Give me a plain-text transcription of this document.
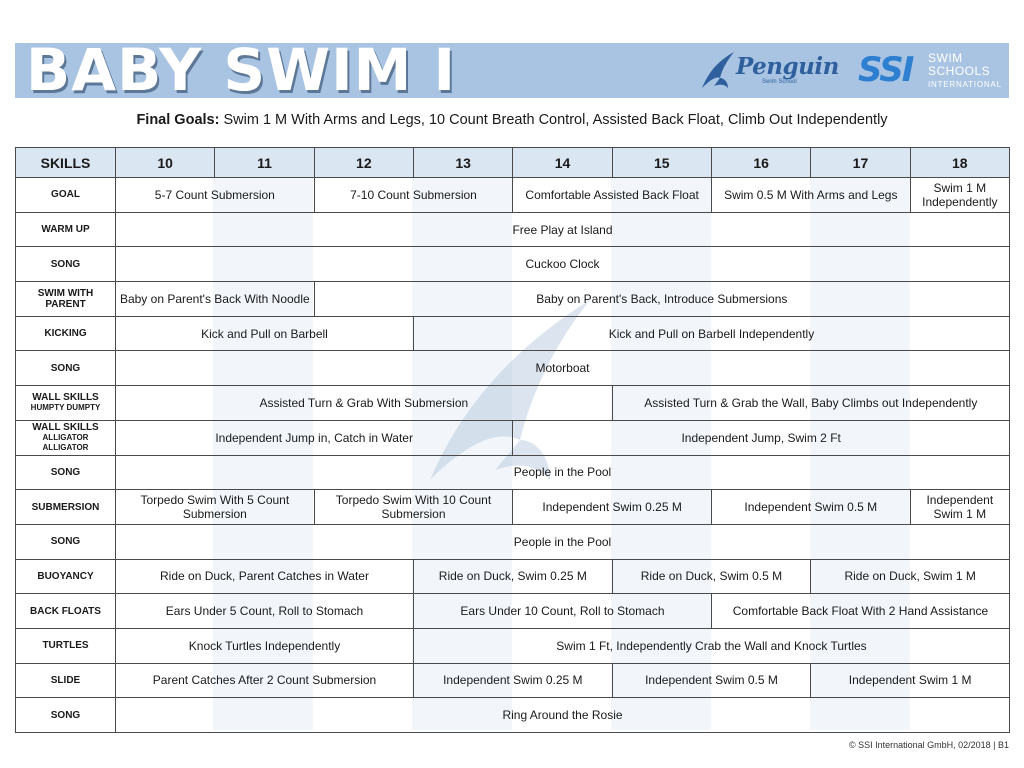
BABY SWIM I	Penguin
Swim School SSI SWIM
SCHOOLS
INTERNATIONAL
Final Goals: Swim 1 M With Arms and Legs, 10 Count Breath Control, Assisted Back Float, Climb Out Independently
SKILLS	10	11	12	13	14	15	16	17	18
GOAL	5-7 Count Submersion		7-10 Count Submersion		Comfortable Assisted Back Float		Swim 0.5 M With Arms and Legs		Swim 1 M Independently
WARM UP	Free Play at Island								
SONG	Cuckoo Clock								
SWIM WITH PARENT	Baby on Parent's Back With Noodle		Baby on Parent's Back, Introduce Submersions						
KICKING	Kick and Pull on Barbell			Kick and Pull on Barbell Independently					
SONG	Motorboat								
WALL SKILLS
HUMPTY DUMPTY	Assisted Turn & Grab With Submersion					Assisted Turn & Grab the Wall, Baby Climbs out Independently			
WALL SKILLS
ALLIGATOR ALLIGATOR	Independent Jump in, Catch in Water				Independent Jump, Swim 2 Ft				
SONG	People in the Pool								
SUBMERSION	Torpedo Swim With 5 Count Submersion		Torpedo Swim With 10 Count Submersion		Independent Swim 0.25 M		Independent Swim 0.5 M		Independent Swim 1 M
SONG	People in the Pool								
BUOYANCY	Ride on Duck, Parent Catches in Water			Ride on Duck, Swim 0.25 M		Ride on Duck, Swim 0.5 M		Ride on Duck, Swim 1 M	
BACK FLOATS	Ears Under 5 Count, Roll to Stomach			Ears Under 10 Count, Roll to Stomach			Comfortable Back Float With 2 Hand Assistance		
TURTLES	Knock Turtles Independently			Swim 1 Ft, Independently Crab the Wall and Knock Turtles					
SLIDE	Parent Catches After 2 Count Submersion			Independent Swim 0.25 M		Independent Swim 0.5 M		Independent Swim 1 M	
SONG	Ring Around the Rosie								
© SSI International GmbH, 02/2018 | B1
